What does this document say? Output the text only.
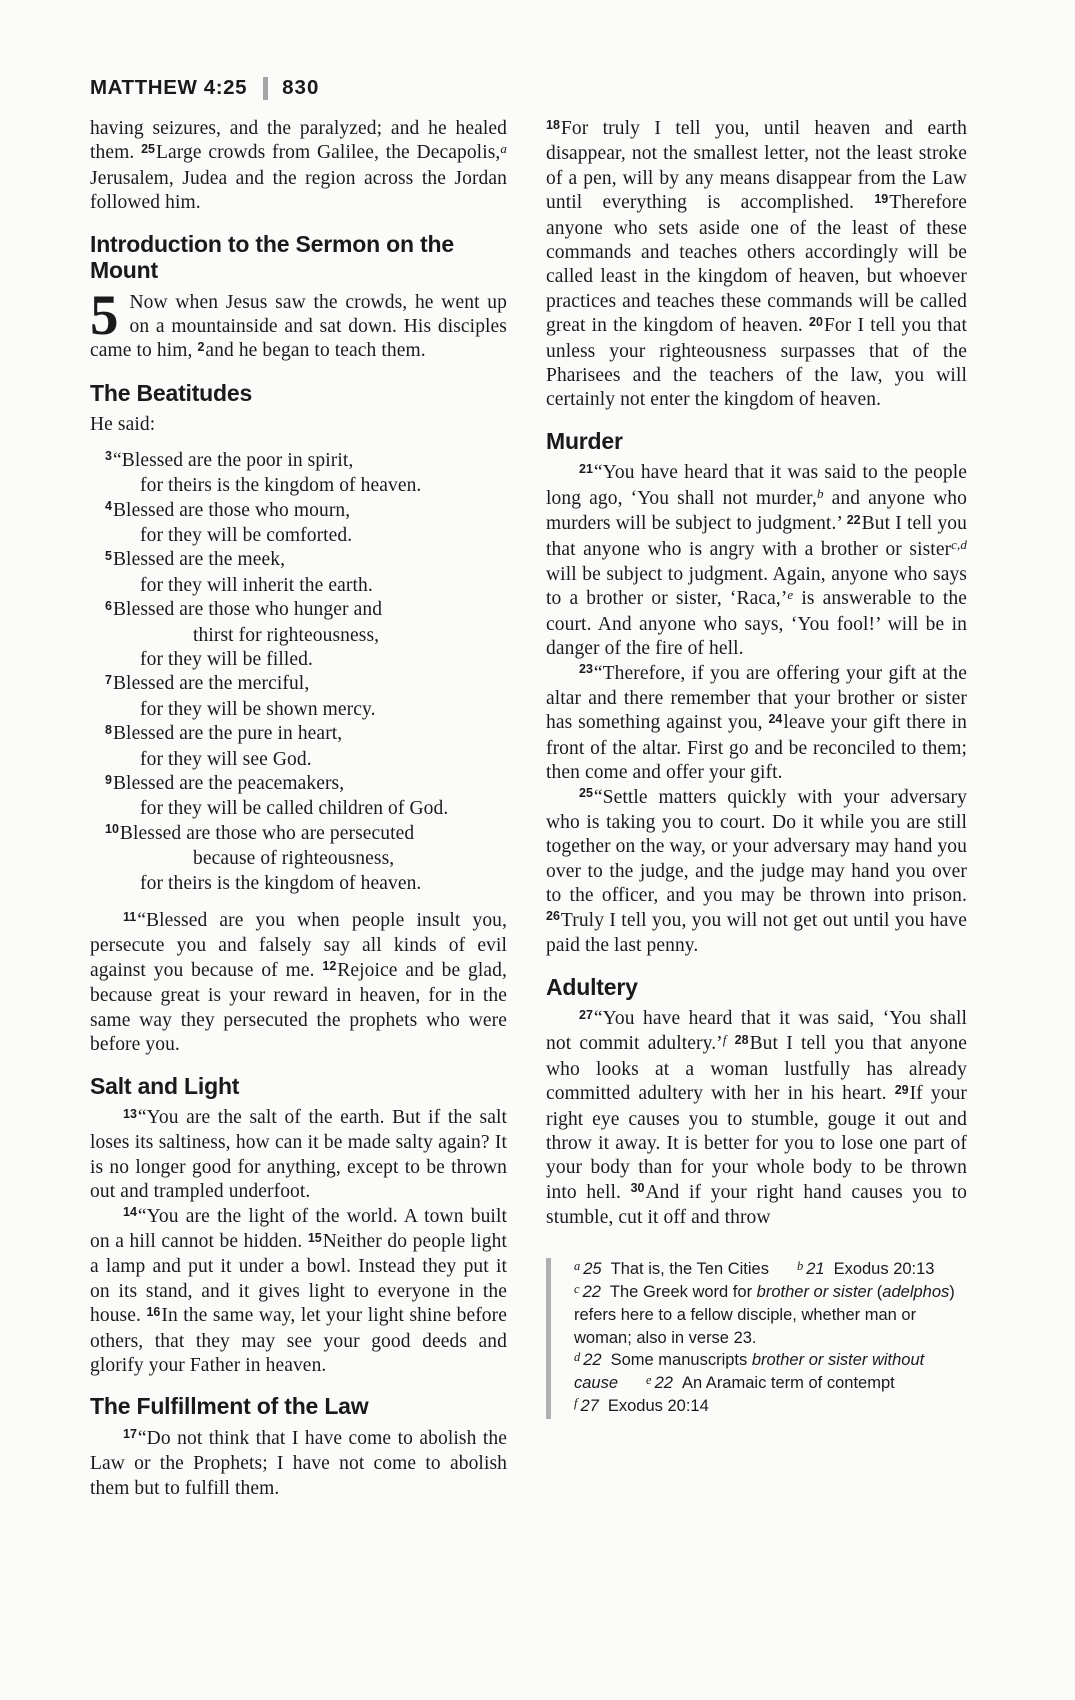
MATTHEW 4:25 830

having seizures, and the paralyzed; and he healed them. $^{25}$Large crowds from Galilee, the Decapolis,$^a$ Jerusalem, Judea and the region across the Jordan followed him.

Introduction to the Sermon on the Mount

5 Now when Jesus saw the crowds, he went up on a mountainside and sat down. His disciples came to him, $^2$and he began to teach them.

The Beatitudes

He said:

$^3$“Blessed are the poor in spirit,
for theirs is the kingdom of heaven.
$^4$Blessed are those who mourn,
for they will be comforted.
$^5$Blessed are the meek,
for they will inherit the earth.
$^6$Blessed are those who hunger and
thirst for righteousness,
for they will be filled.
$^7$Blessed are the merciful,
for they will be shown mercy.
$^8$Blessed are the pure in heart,
for they will see God.
$^9$Blessed are the peacemakers,
for they will be called children of God.
$^{10}$Blessed are those who are persecuted
because of righteousness,
for theirs is the kingdom of heaven.

$^{11}$“Blessed are you when people insult you, persecute you and falsely say all kinds of evil against you because of me. $^{12}$Rejoice and be glad, because great is your reward in heaven, for in the same way they persecuted the prophets who were before you.

Salt and Light

$^{13}$“You are the salt of the earth. But if the salt loses its saltiness, how can it be made salty again? It is no longer good for anything, except to be thrown out and trampled underfoot.

$^{14}$“You are the light of the world. A town built on a hill cannot be hidden. $^{15}$Neither do people light a lamp and put it under a bowl. Instead they put it on its stand, and it gives light to everyone in the house. $^{16}$In the same way, let your light shine before others, that they may see your good deeds and glorify your Father in heaven.

The Fulfillment of the Law

$^{17}$“Do not think that I have come to abolish the Law or the Prophets; I have not come to abolish them but to fulfill them.

$^{18}$For truly I tell you, until heaven and earth disappear, not the smallest letter, not the least stroke of a pen, will by any means disappear from the Law until everything is accomplished. $^{19}$Therefore anyone who sets aside one of the least of these commands and teaches others accordingly will be called least in the kingdom of heaven, but whoever practices and teaches these commands will be called great in the kingdom of heaven. $^{20}$For I tell you that unless your righteousness surpasses that of the Pharisees and the teachers of the law, you will certainly not enter the kingdom of heaven.

Murder

$^{21}$“You have heard that it was said to the people long ago, ‘You shall not murder,$^b$ and anyone who murders will be subject to judgment.’ $^{22}$But I tell you that anyone who is angry with a brother or sister$^{c,d}$ will be subject to judgment. Again, anyone who says to a brother or sister, ‘Raca,’$^e$ is answerable to the court. And anyone who says, ‘You fool!’ will be in danger of the fire of hell.

$^{23}$“Therefore, if you are offering your gift at the altar and there remember that your brother or sister has something against you, $^{24}$leave your gift there in front of the altar. First go and be reconciled to them; then come and offer your gift.

$^{25}$“Settle matters quickly with your adversary who is taking you to court. Do it while you are still together on the way, or your adversary may hand you over to the judge, and the judge may hand you over to the officer, and you may be thrown into prison. $^{26}$Truly I tell you, you will not get out until you have paid the last penny.

Adultery

$^{27}$“You have heard that it was said, ‘You shall not commit adultery.’$^f$ $^{28}$But I tell you that anyone who looks at a woman lustfully has already committed adultery with her in his heart. $^{29}$If your right eye causes you to stumble, gouge it out and throw it away. It is better for you to lose one part of your body than for your whole body to be thrown into hell. $^{30}$And if your right hand causes you to stumble, cut it off and throw

$^a$ 25 That is, the Ten Cities $^b$ 21 Exodus 20:13
$^c$ 22 The Greek word for brother or sister (adelphos) refers here to a fellow disciple, whether man or woman; also in verse 23.
$^d$ 22 Some manuscripts brother or sister without cause $^e$ 22 An Aramaic term of contempt
$^f$ 27 Exodus 20:14
